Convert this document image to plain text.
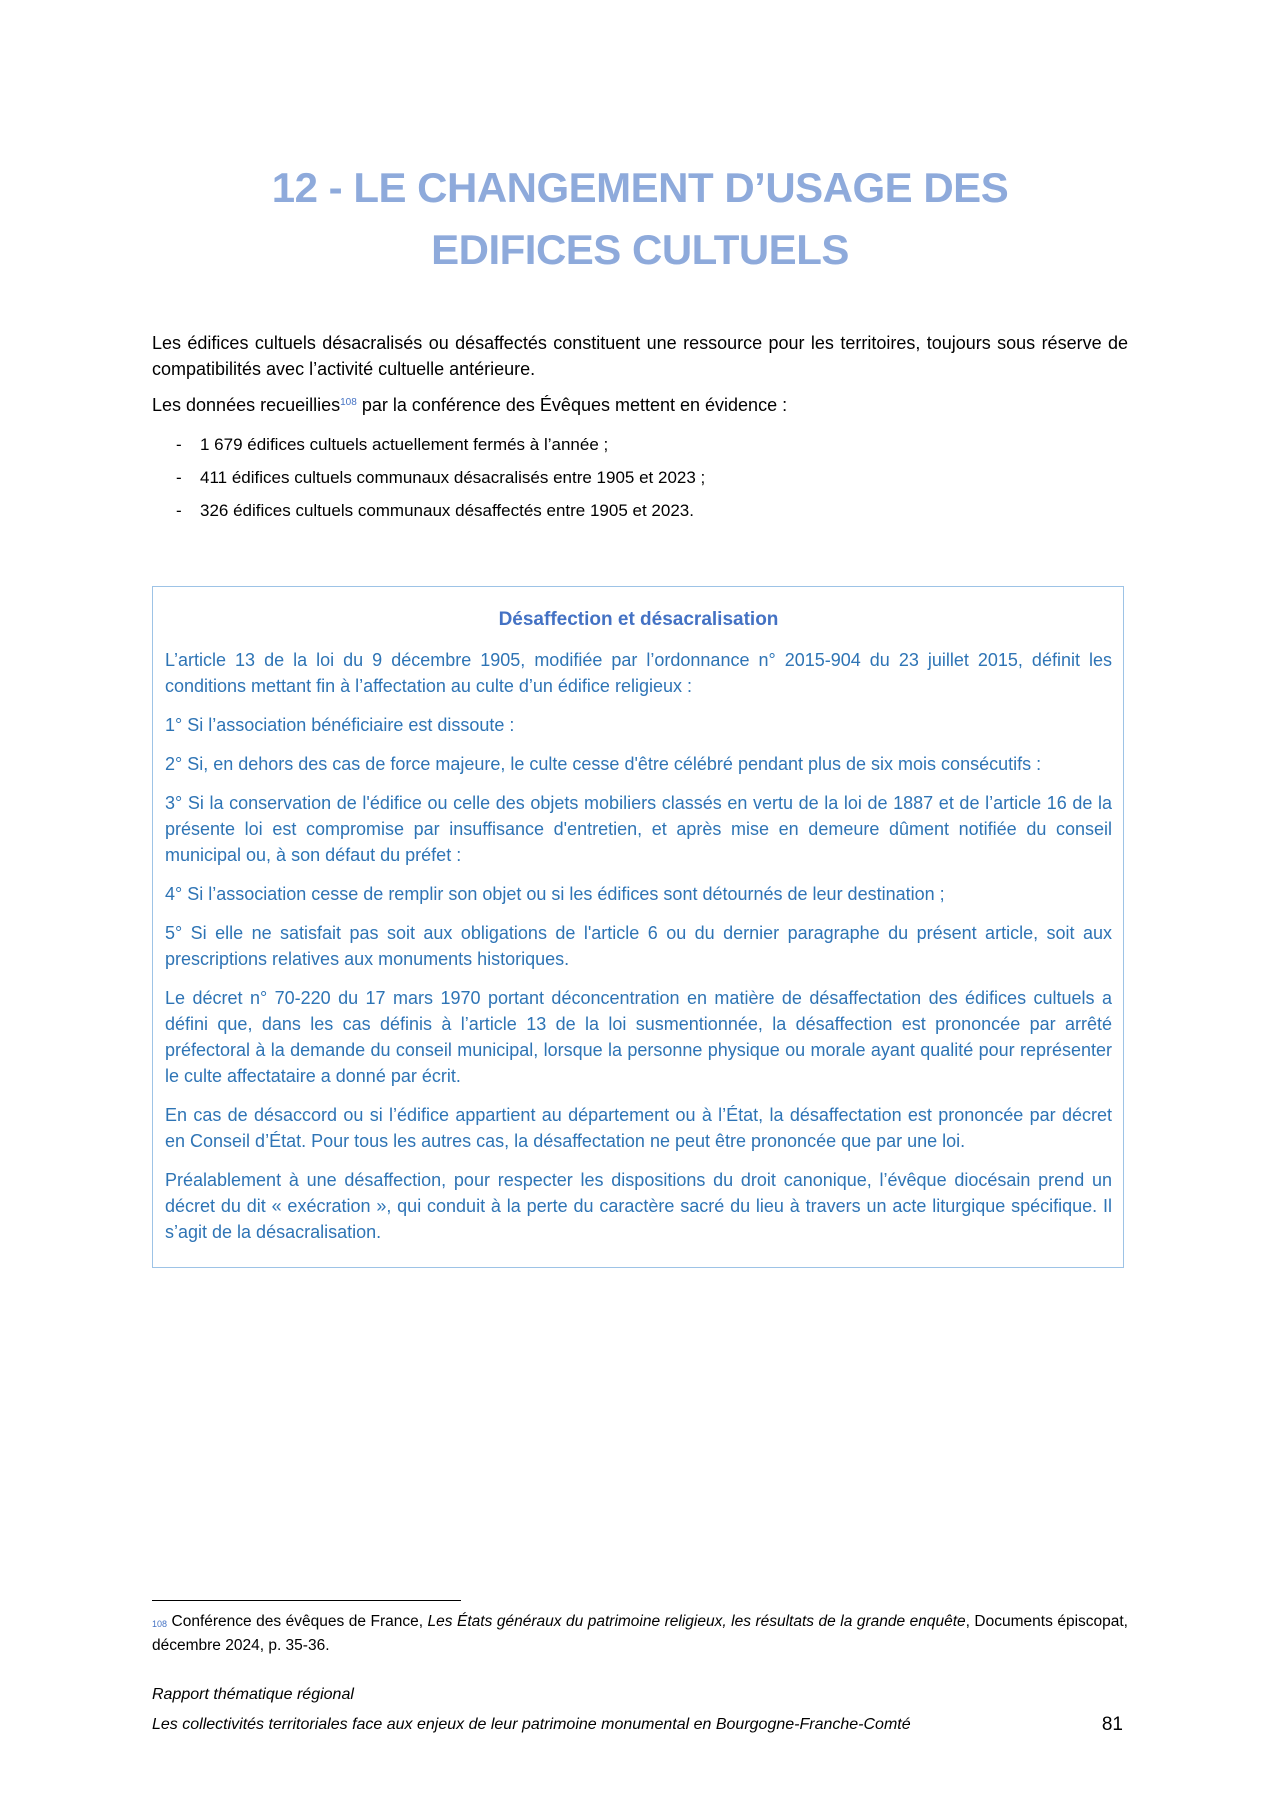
12 - LE CHANGEMENT D’USAGE DES
EDIFICES CULTUELS

Les édifices cultuels désacralisés ou désaffectés constituent une ressource pour les territoires, toujours sous réserve de compatibilités avec l’activité cultuelle antérieure.

Les données recueillies$^{108}$ par la conférence des Évêques mettent en évidence :

- 1 679 édifices cultuels actuellement fermés à l’année ;
- 411 édifices cultuels communaux désacralisés entre 1905 et 2023 ;
- 326 édifices cultuels communaux désaffectés entre 1905 et 2023.
Désaffection et désacralisation

L’article 13 de la loi du 9 décembre 1905, modifiée par l’ordonnance n° 2015-904 du 23 juillet 2015, définit les conditions mettant fin à l’affectation au culte d’un édifice religieux :

1° Si l’association bénéficiaire est dissoute :

2° Si, en dehors des cas de force majeure, le culte cesse d'être célébré pendant plus de six mois consécutifs :

3° Si la conservation de l'édifice ou celle des objets mobiliers classés en vertu de la loi de 1887 et de l’article 16 de la présente loi est compromise par insuffisance d'entretien, et après mise en demeure dûment notifiée du conseil municipal ou, à son défaut du préfet :

4° Si l’association cesse de remplir son objet ou si les édifices sont détournés de leur destination ;

5° Si elle ne satisfait pas soit aux obligations de l'article 6 ou du dernier paragraphe du présent article, soit aux prescriptions relatives aux monuments historiques.

Le décret n° 70-220 du 17 mars 1970 portant déconcentration en matière de désaffectation des édifices cultuels a défini que, dans les cas définis à l’article 13 de la loi susmentionnée, la désaffection est prononcée par arrêté préfectoral à la demande du conseil municipal, lorsque la personne physique ou morale ayant qualité pour représenter le culte affectataire a donné par écrit.

En cas de désaccord ou si l’édifice appartient au département ou à l’État, la désaffectation est prononcée par décret en Conseil d’État. Pour tous les autres cas, la désaffectation ne peut être prononcée que par une loi.

Préalablement à une désaffection, pour respecter les dispositions du droit canonique, l’évêque diocésain prend un décret du dit « exécration », qui conduit à la perte du caractère sacré du lieu à travers un acte liturgique spécifique. Il s’agit de la désacralisation.

$^{108}$ Conférence des évêques de France, Les États généraux du patrimoine religieux, les résultats de la grande enquête, Documents épiscopat, décembre 2024, p. 35-36.
Rapport thématique régional
Les collectivités territoriales face aux enjeux de leur patrimoine monumental en Bourgogne-Franche-Comté	81
